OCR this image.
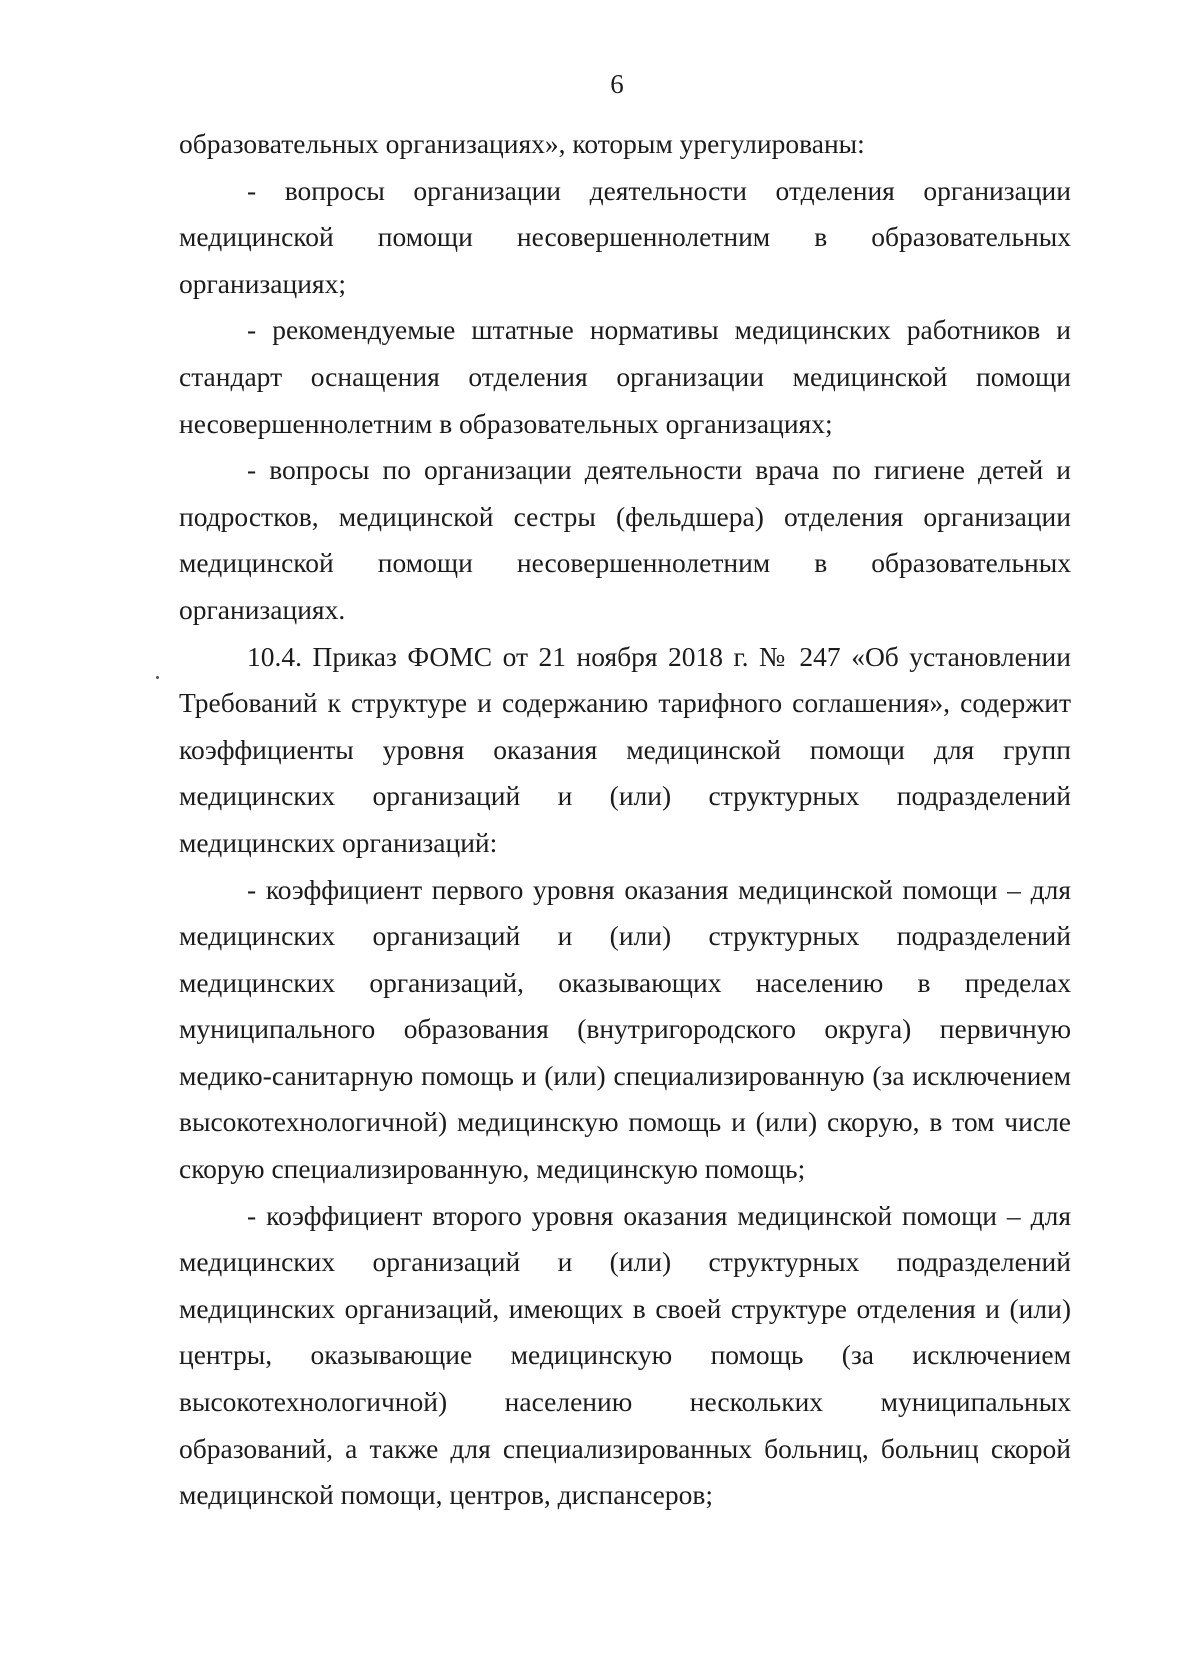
6

образовательных организациях», которым урегулированы:

- вопросы организации деятельности отделения организации медицинской помощи несовершеннолетним в образовательных организациях;

- рекомендуемые штатные нормативы медицинских работников и стандарт оснащения отделения организации медицинской помощи несовершеннолетним в образовательных организациях;

- вопросы по организации деятельности врача по гигиене детей и подростков, медицинской сестры (фельдшера) отделения организации медицинской помощи несовершеннолетним в образовательных организациях.

10.4. Приказ ФОМС от 21 ноября 2018 г. № 247 «Об установлении Требований к структуре и содержанию тарифного соглашения», содержит коэффициенты уровня оказания медицинской помощи для групп медицинских организаций и (или) структурных подразделений медицинских организаций:

- коэффициент первого уровня оказания медицинской помощи – для медицинских организаций и (или) структурных подразделений медицинских организаций, оказывающих населению в пределах муниципального образования (внутригородского округа) первичную медико-санитарную помощь и (или) специализированную (за исключением высокотехнологичной) медицинскую помощь и (или) скорую, в том числе скорую специализированную, медицинскую помощь;

- коэффициент второго уровня оказания медицинской помощи – для медицинских организаций и (или) структурных подразделений медицинских организаций, имеющих в своей структуре отделения и (или) центры, оказывающие медицинскую помощь (за исключением высокотехнологичной) населению нескольких муниципальных образований, а также для специализированных больниц, больниц скорой медицинской помощи, центров, диспансеров;
